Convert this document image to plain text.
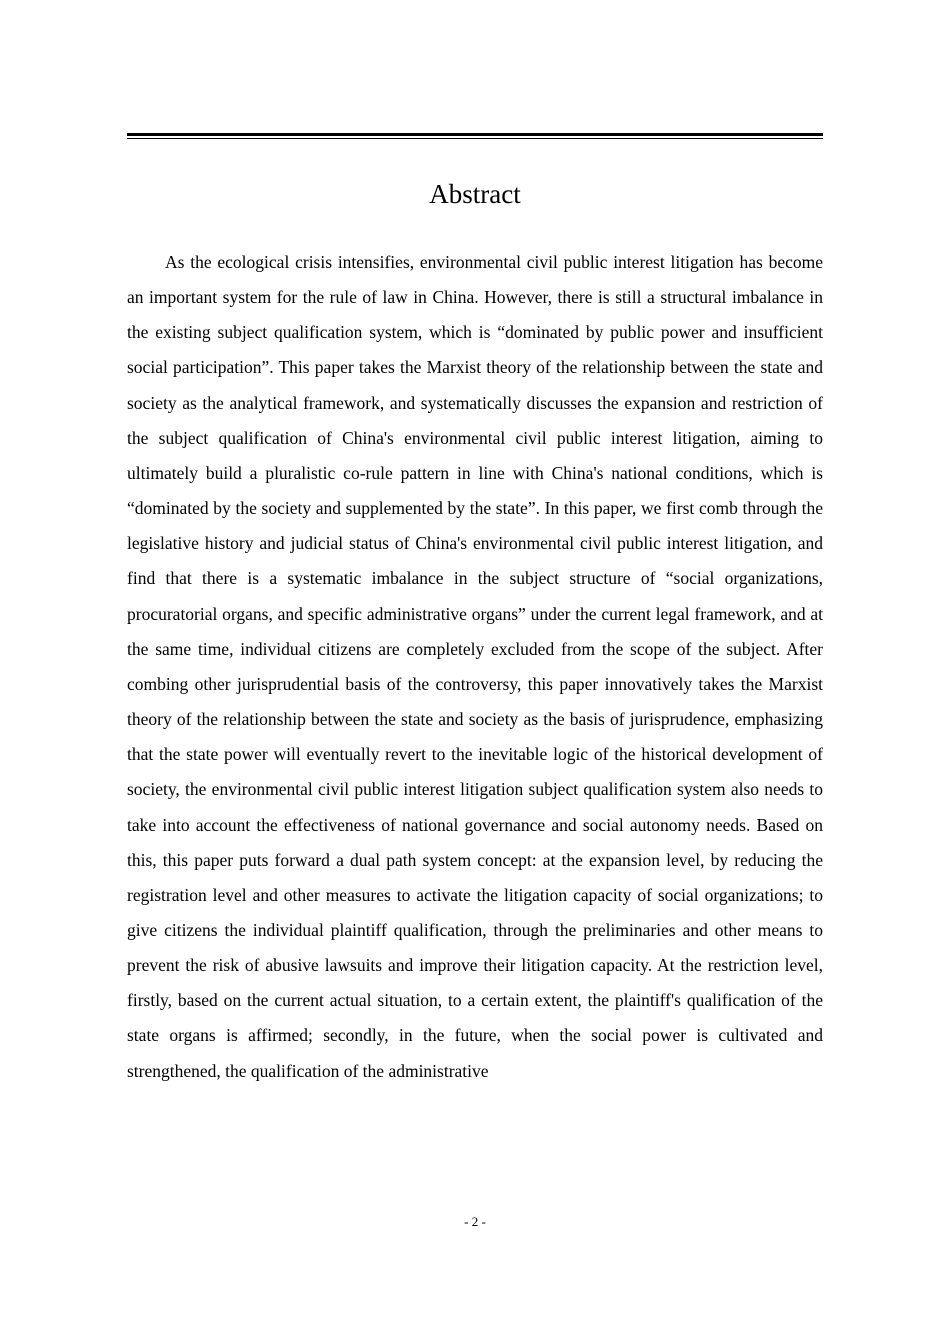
Abstract

As the ecological crisis intensifies, environmental civil public interest litigation has become an important system for the rule of law in China. However, there is still a structural imbalance in the existing subject qualification system, which is “dominated by public power and insufficient social participation”. This paper takes the Marxist theory of the relationship between the state and society as the analytical framework, and systematically discusses the expansion and restriction of the subject qualification of China's environmental civil public interest litigation, aiming to ultimately build a pluralistic co-rule pattern in line with China's national conditions, which is “dominated by the society and supplemented by the state”. In this paper, we first comb through the legislative history and judicial status of China's environmental civil public interest litigation, and find that there is a systematic imbalance in the subject structure of “social organizations, procuratorial organs, and specific administrative organs” under the current legal framework, and at the same time, individual citizens are completely excluded from the scope of the subject. After combing other jurisprudential basis of the controversy, this paper innovatively takes the Marxist theory of the relationship between the state and society as the basis of jurisprudence, emphasizing that the state power will eventually revert to the inevitable logic of the historical development of society, the environmental civil public interest litigation subject qualification system also needs to take into account the effectiveness of national governance and social autonomy needs. Based on this, this paper puts forward a dual path system concept: at the expansion level, by reducing the registration level and other measures to activate the litigation capacity of social organizations; to give citizens the individual plaintiff qualification, through the preliminaries and other means to prevent the risk of abusive lawsuits and improve their litigation capacity. At the restriction level, firstly, based on the current actual situation, to a certain extent, the plaintiff's qualification of the state organs is affirmed; secondly, in the future, when the social power is cultivated and strengthened, the qualification of the administrative

- 2 -
